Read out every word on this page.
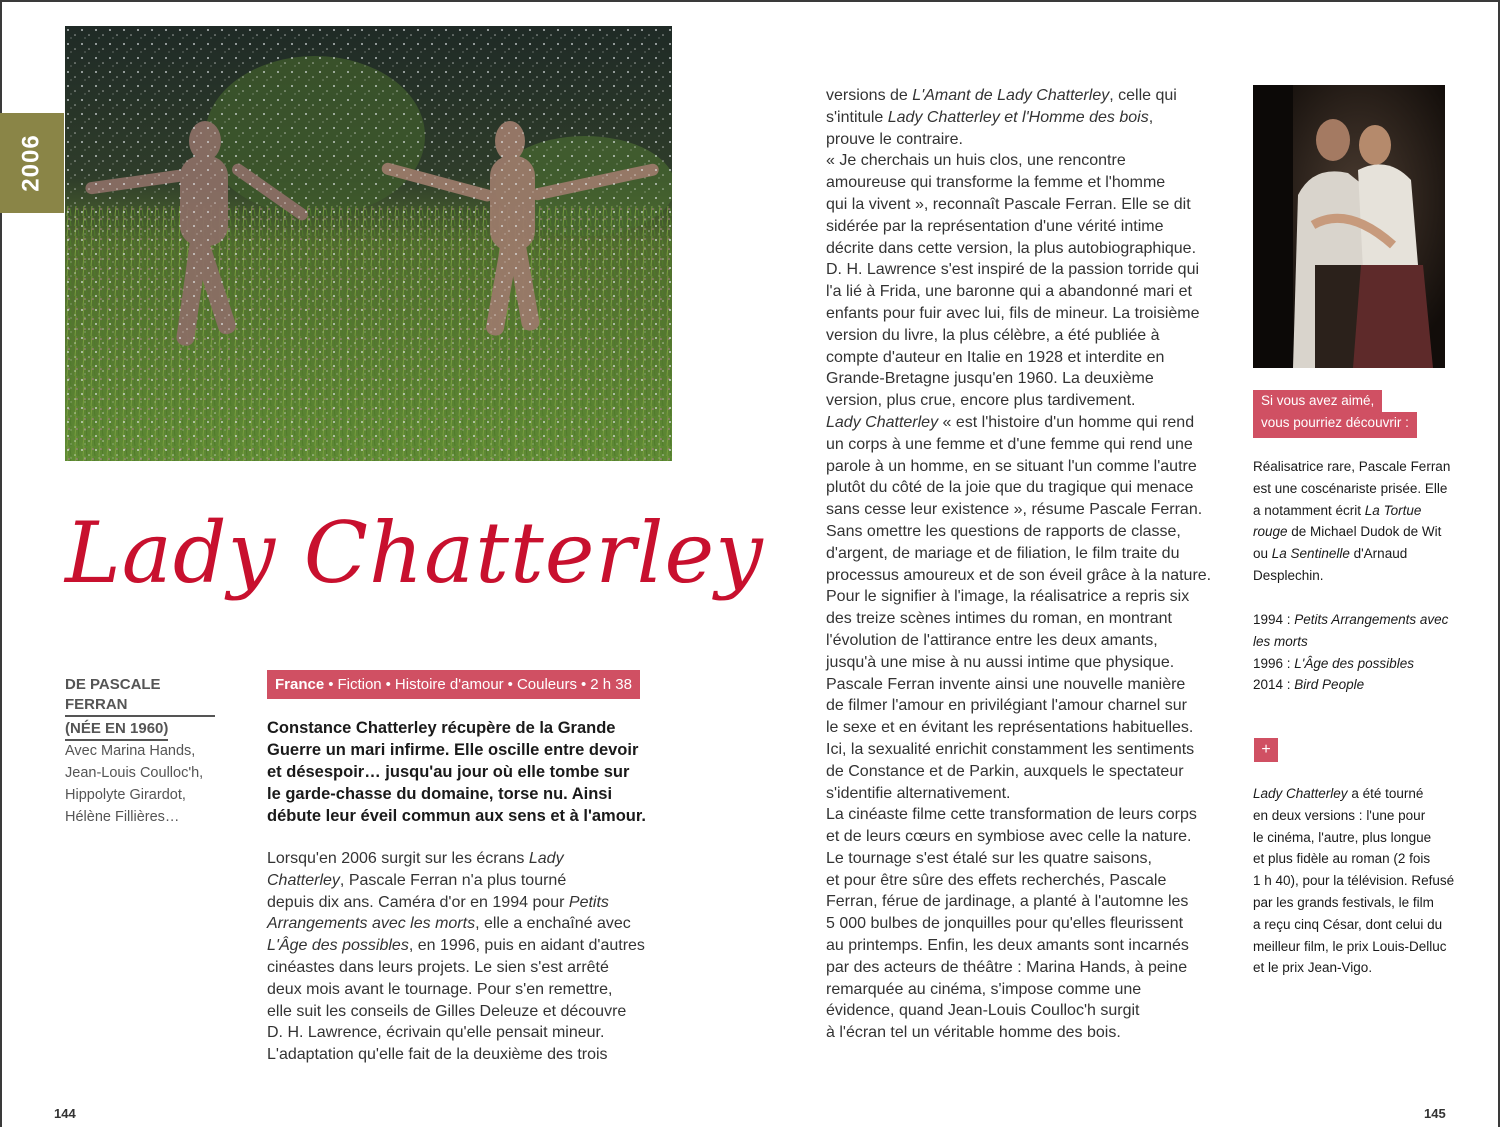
2006
Lady Chatterley
DE PASCALE FERRAN
(NÉE EN 1960)
Avec Marina Hands,
Jean-Louis Coulloc'h,
Hippolyte Girardot,
Hélène Fillières…
France • Fiction • Histoire d'amour • Couleurs • 2 h 38
Constance Chatterley récupère de la Grande
Guerre un mari infirme. Elle oscille entre devoir
et désespoir… jusqu'au jour où elle tombe sur
le garde-chasse du domaine, torse nu. Ainsi
débute leur éveil commun aux sens et à l'amour.
Lorsqu'en 2006 surgit sur les écrans Lady
Chatterley, Pascale Ferran n'a plus tourné
depuis dix ans. Caméra d'or en 1994 pour Petits
Arrangements avec les morts, elle a enchaîné avec
L'Âge des possibles, en 1996, puis en aidant d'autres
cinéastes dans leurs projets. Le sien s'est arrêté
deux mois avant le tournage. Pour s'en remettre,
elle suit les conseils de Gilles Deleuze et découvre
D. H. Lawrence, écrivain qu'elle pensait mineur.
L'adaptation qu'elle fait de la deuxième des trois
versions de L'Amant de Lady Chatterley, celle qui
s'intitule Lady Chatterley et l'Homme des bois,
prouve le contraire.
« Je cherchais un huis clos, une rencontre
amoureuse qui transforme la femme et l'homme
qui la vivent », reconnaît Pascale Ferran. Elle se dit
sidérée par la représentation d'une vérité intime
décrite dans cette version, la plus autobiographique.
D. H. Lawrence s'est inspiré de la passion torride qui
l'a lié à Frida, une baronne qui a abandonné mari et
enfants pour fuir avec lui, fils de mineur. La troisième
version du livre, la plus célèbre, a été publiée à
compte d'auteur en Italie en 1928 et interdite en
Grande-Bretagne jusqu'en 1960. La deuxième
version, plus crue, encore plus tardivement.
Lady Chatterley « est l'histoire d'un homme qui rend
un corps à une femme et d'une femme qui rend une
parole à un homme, en se situant l'un comme l'autre
plutôt du côté de la joie que du tragique qui menace
sans cesse leur existence », résume Pascale Ferran.
Sans omettre les questions de rapports de classe,
d'argent, de mariage et de filiation, le film traite du
processus amoureux et de son éveil grâce à la nature.
Pour le signifier à l'image, la réalisatrice a repris six
des treize scènes intimes du roman, en montrant
l'évolution de l'attirance entre les deux amants,
jusqu'à une mise à nu aussi intime que physique.
Pascale Ferran invente ainsi une nouvelle manière
de filmer l'amour en privilégiant l'amour charnel sur
le sexe et en évitant les représentations habituelles.
Ici, la sexualité enrichit constamment les sentiments
de Constance et de Parkin, auxquels le spectateur
s'identifie alternativement.
La cinéaste filme cette transformation de leurs corps
et de leurs cœurs en symbiose avec celle la nature.
Le tournage s'est étalé sur les quatre saisons,
et pour être sûre des effets recherchés, Pascale
Ferran, férue de jardinage, a planté à l'automne les
5 000 bulbes de jonquilles pour qu'elles fleurissent
au printemps. Enfin, les deux amants sont incarnés
par des acteurs de théâtre : Marina Hands, à peine
remarquée au cinéma, s'impose comme une
évidence, quand Jean-Louis Coulloc'h surgit
à l'écran tel un véritable homme des bois.
Si vous avez aimé,
vous pourriez découvrir :
Réalisatrice rare, Pascale Ferran
est une coscénariste prisée. Elle
a notamment écrit La Tortue
rouge de Michael Dudok de Wit
ou La Sentinelle d'Arnaud
Desplechin.
1994 : Petits Arrangements avec
les morts
1996 : L'Âge des possibles
2014 : Bird People
+
Lady Chatterley a été tourné
en deux versions : l'une pour
le cinéma, l'autre, plus longue
et plus fidèle au roman (2 fois
1 h 40), pour la télévision. Refusé
par les grands festivals, le film
a reçu cinq César, dont celui du
meilleur film, le prix Louis-Delluc
et le prix Jean-Vigo.
144	145
